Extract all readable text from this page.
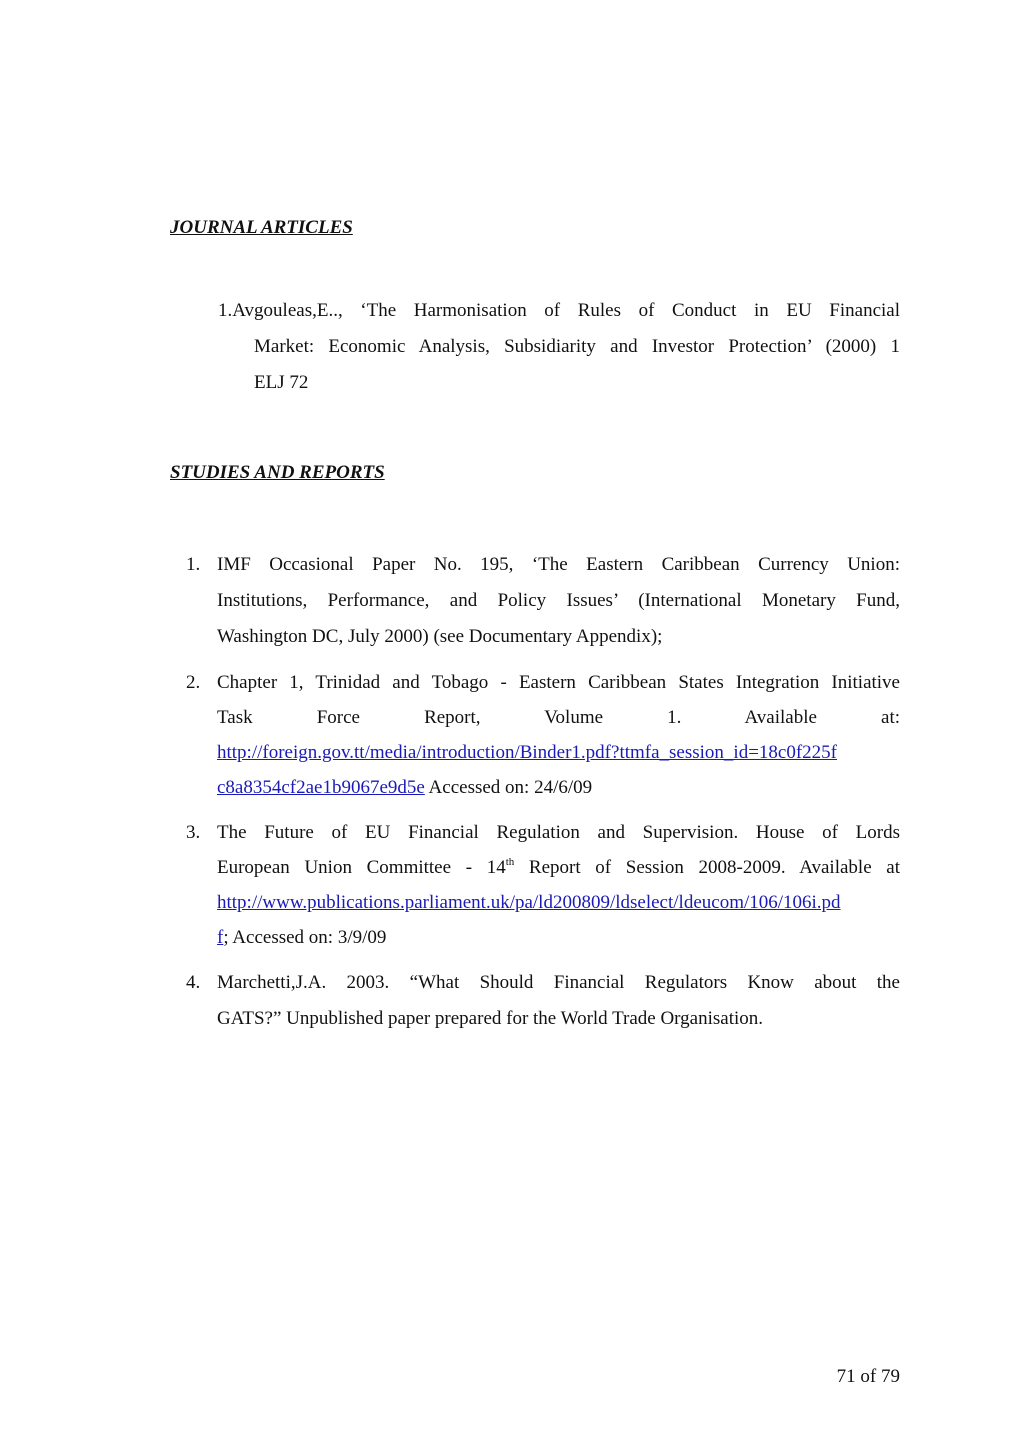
JOURNAL ARTICLES
1.Avgouleas,E.., ‘The Harmonisation of Rules of Conduct in EU Financial
Market: Economic Analysis, Subsidiarity and Investor Protection’ (2000) 1
ELJ 72
STUDIES AND REPORTS
1. IMF Occasional Paper No. 195, ‘The Eastern Caribbean Currency Union:
Institutions, Performance, and Policy Issues’ (International Monetary Fund,
Washington DC, July 2000) (see Documentary Appendix);
2. Chapter 1, Trinidad and Tobago - Eastern Caribbean States Integration Initiative
Task Force Report, Volume 1. Available at:
http://foreign.gov.tt/media/introduction/Binder1.pdf?ttmfa_session_id=18c0f225f
c8a8354cf2ae1b9067e9d5e Accessed on: 24/6/09
3. The Future of EU Financial Regulation and Supervision. House of Lords
European Union Committee - 14th Report of Session 2008-2009. Available at
http://www.publications.parliament.uk/pa/ld200809/ldselect/ldeucom/106/106i.pd
f; Accessed on: 3/9/09
4. Marchetti,J.A. 2003. “What Should Financial Regulators Know about the
GATS?” Unpublished paper prepared for the World Trade Organisation.
71 of 79
